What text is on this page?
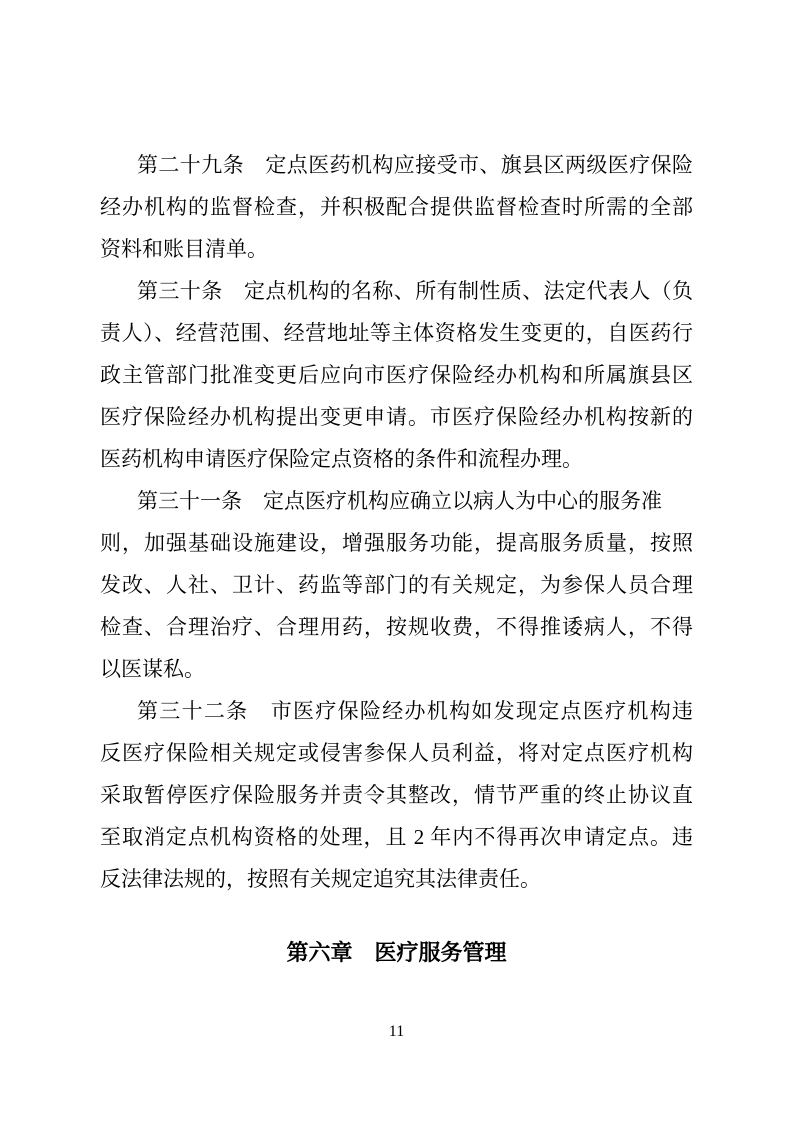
第二十九条　定点医药机构应接受市、旗县区两级医疗保险
经办机构的监督检查，并积极配合提供监督检查时所需的全部
资料和账目清单。
第三十条　定点机构的名称、所有制性质、法定代表人（负
责人）、经营范围、经营地址等主体资格发生变更的，自医药行
政主管部门批准变更后应向市医疗保险经办机构和所属旗县区
医疗保险经办机构提出变更申请。市医疗保险经办机构按新的
医药机构申请医疗保险定点资格的条件和流程办理。
第三十一条　定点医疗机构应确立以病人为中心的服务准
则，加强基础设施建设，增强服务功能，提高服务质量，按照
发改、人社、卫计、药监等部门的有关规定，为参保人员合理
检查、合理治疗、合理用药，按规收费，不得推诿病人，不得
以医谋私。
第三十二条　市医疗保险经办机构如发现定点医疗机构违
反医疗保险相关规定或侵害参保人员利益，将对定点医疗机构
采取暂停医疗保险服务并责令其整改，情节严重的终止协议直
至取消定点机构资格的处理，且 2 年内不得再次申请定点。违
反法律法规的，按照有关规定追究其法律责任。
第六章　医疗服务管理
11
